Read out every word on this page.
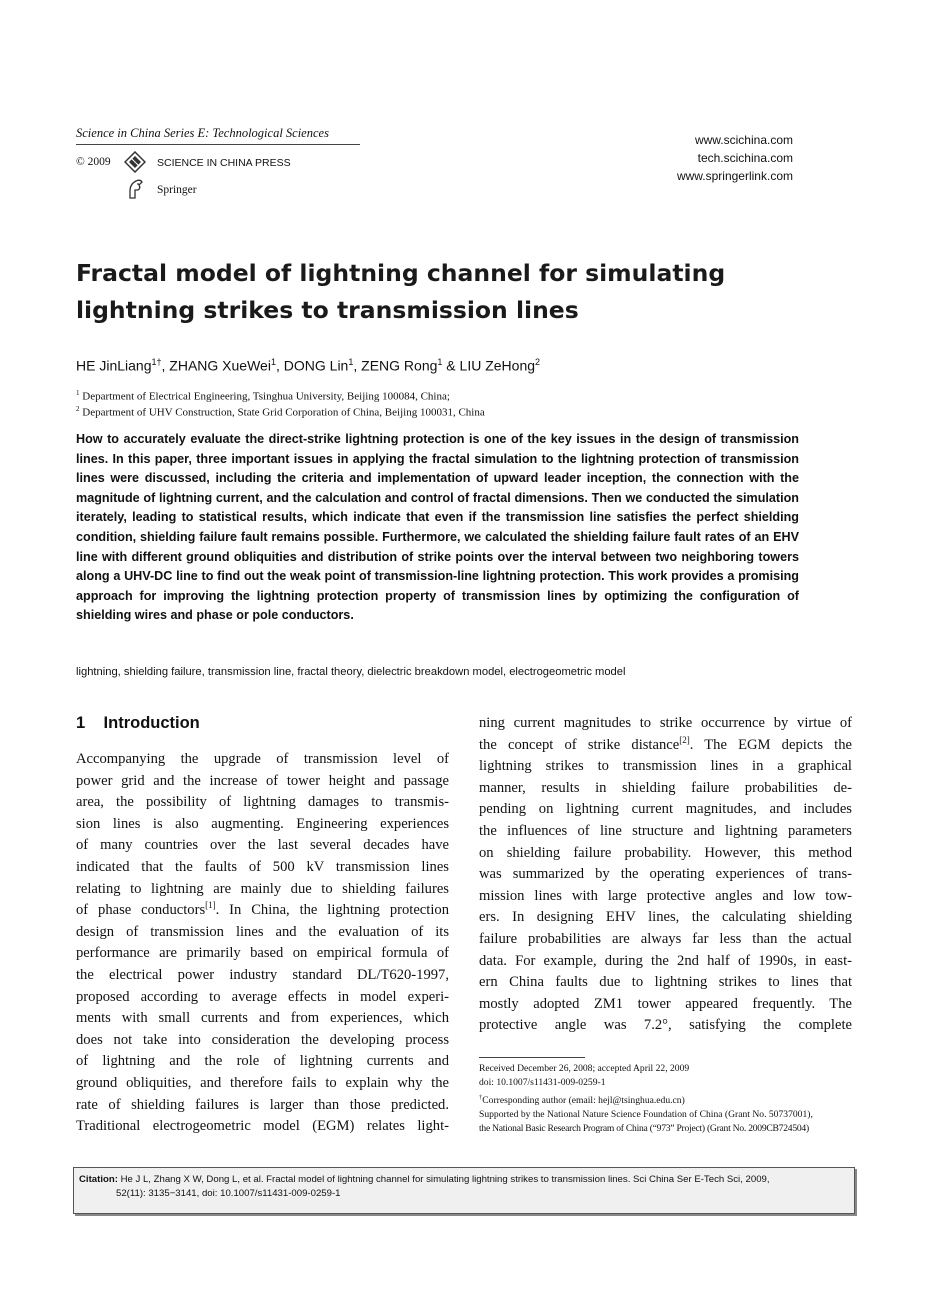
Science in China Series E: Technological Sciences
© 2009	SCIENCE IN CHINA PRESS
Springer
www.scichina.com
tech.scichina.com
www.springerlink.com
Fractal model of lightning channel for simulating
lightning strikes to transmission lines
HE JinLiang$^{1\dagger}$, ZHANG XueWei$^1$, DONG Lin$^1$, ZENG Rong$^1$ & LIU ZeHong$^2$
$^1$ Department of Electrical Engineering, Tsinghua University, Beijing 100084, China;
$^2$ Department of UHV Construction, State Grid Corporation of China, Beijing 100031, China
How to accurately evaluate the direct-strike lightning protection is one of the key issues in the design of transmission lines. In this paper, three important issues in applying the fractal simulation to the lightning protection of transmission lines were discussed, including the criteria and implementation of upward leader inception, the connection with the magnitude of lightning current, and the calculation and control of fractal dimensions. Then we conducted the simulation iterately, leading to statistical results, which indicate that even if the transmission line satisfies the perfect shielding condition, shielding failure fault remains possible. Furthermore, we calculated the shielding failure fault rates of an EHV line with different ground obliquities and distribution of strike points over the interval between two neighboring towers along a UHV-DC line to find out the weak point of transmission-line lightning protection. This work provides a promising approach for improving the lightning protection property of transmission lines by optimizing the configuration of shielding wires and phase or pole conductors.
lightning, shielding failure, transmission line, fractal theory, dielectric breakdown model, electrogeometric model
1 Introduction
Accompanying the upgrade of transmission level of
power grid and the increase of tower height and passage
area, the possibility of lightning damages to transmis-
sion lines is also augmenting. Engineering experiences
of many countries over the last several decades have
indicated that the faults of 500 kV transmission lines
relating to lightning are mainly due to shielding failures
of phase conductors[1]. In China, the lightning protection
design of transmission lines and the evaluation of its
performance are primarily based on empirical formula of
the electrical power industry standard DL/T620-1997,
proposed according to average effects in model experi-
ments with small currents and from experiences, which
does not take into consideration the developing process
of lightning and the role of lightning currents and
ground obliquities, and therefore fails to explain why the
rate of shielding failures is larger than those predicted.
Traditional electrogeometric model (EGM) relates light-
ning current magnitudes to strike occurrence by virtue of
the concept of strike distance[2]. The EGM depicts the
lightning strikes to transmission lines in a graphical
manner, results in shielding failure probabilities de-
pending on lightning current magnitudes, and includes
the influences of line structure and lightning parameters
on shielding failure probability. However, this method
was summarized by the operating experiences of trans-
mission lines with large protective angles and low tow-
ers. In designing EHV lines, the calculating shielding
failure probabilities are always far less than the actual
data. For example, during the 2nd half of 1990s, in east-
ern China faults due to lightning strikes to lines that
mostly adopted ZM1 tower appeared frequently. The
protective angle was 7.2°, satisfying the complete
Received December 26, 2008; accepted April 22, 2009
doi: 10.1007/s11431-009-0259-1
†Corresponding author (email: hejl@tsinghua.edu.cn)
Supported by the National Nature Science Foundation of China (Grant No. 50737001),
the National Basic Research Program of China (“973” Project) (Grant No. 2009CB724504)
Citation: He J L, Zhang X W, Dong L, et al. Fractal model of lightning channel for simulating lightning strikes to transmission lines. Sci China Ser E-Tech Sci, 2009,
52(11): 3135−3141, doi: 10.1007/s11431-009-0259-1
